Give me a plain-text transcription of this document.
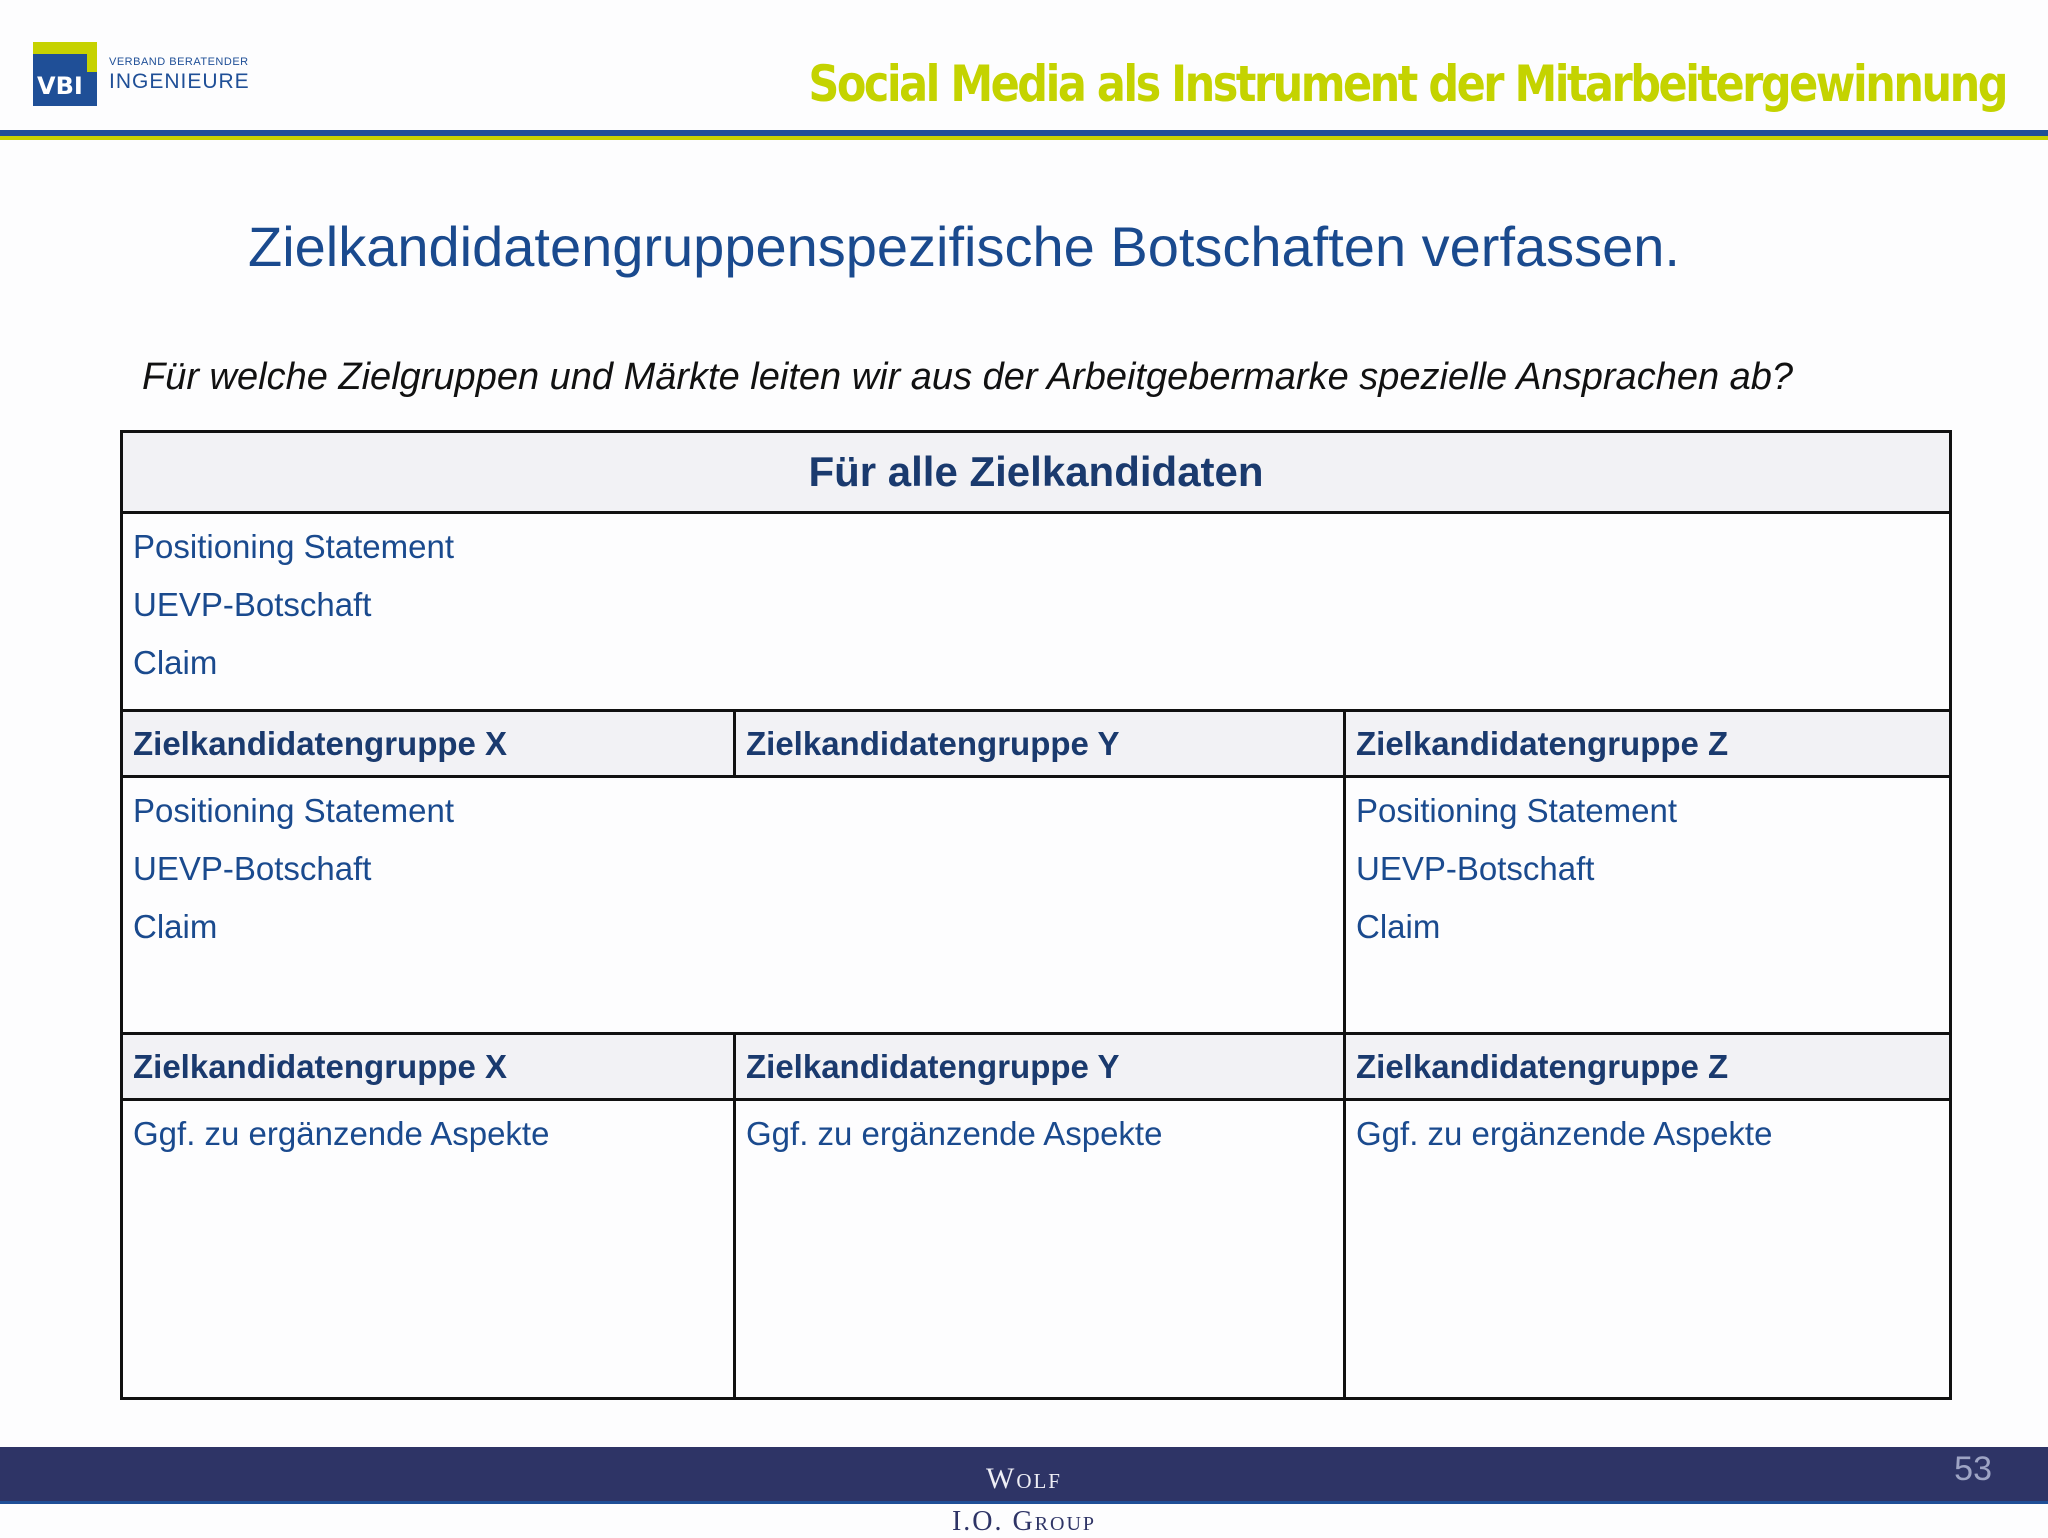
VBI
VERBAND BERATENDER
INGENIEURE	Social Media als Instrument der Mitarbeitergewinnung
Zielkandidatengruppenspezifische Botschaften verfassen.
Für welche Zielgruppen und Märkte leiten wir aus der Arbeitgebermarke spezielle Ansprachen ab?
Für alle Zielkandidaten
Positioning Statement
UEVP-Botschaft
Claim
Zielkandidatengruppe X	Zielkandidatengruppe Y	Zielkandidatengruppe Z
Positioning Statement
UEVP-Botschaft
Claim
Positioning Statement
UEVP-Botschaft
Claim
Zielkandidatengruppe X	Zielkandidatengruppe Y	Zielkandidatengruppe Z
Ggf. zu ergänzende Aspekte	Ggf. zu ergänzende Aspekte	Ggf. zu ergänzende Aspekte
Wolf
I.O. Group
53
